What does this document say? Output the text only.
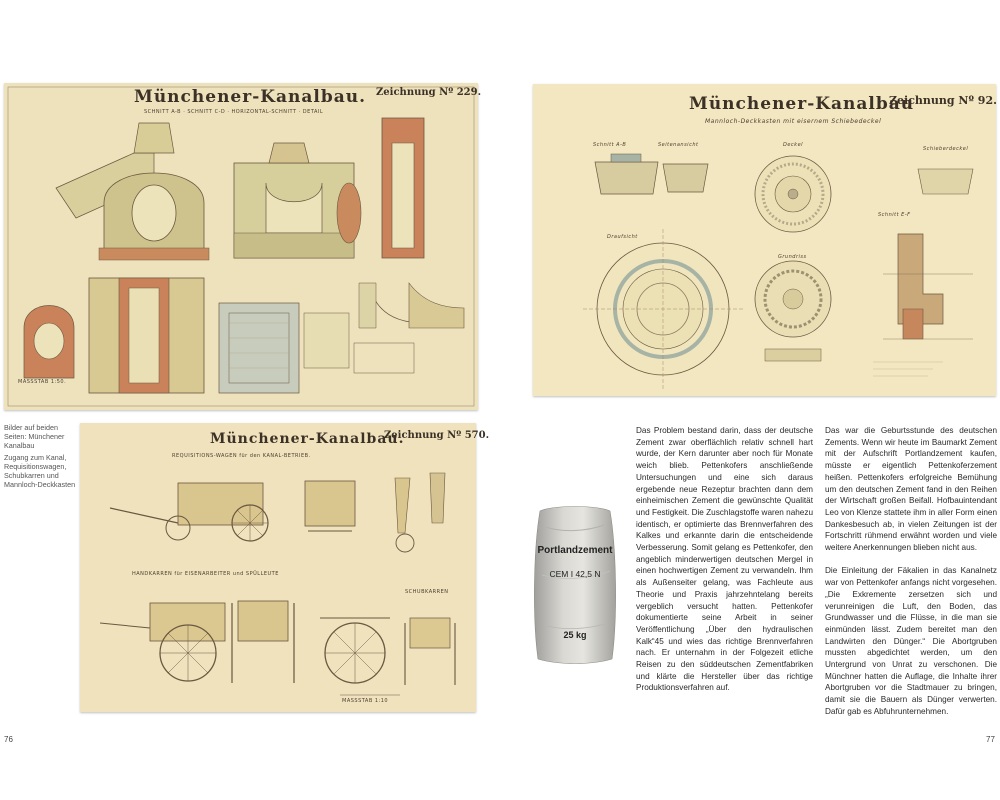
Münchener-Kanalbau. Zeichnung Nº 229.
SCHNITT A-B · SCHNITT C-D · HORIZONTAL-SCHNITT · DETAIL
MASSSTAB 1:50.
Münchener-Kanalbau
Zeichnung Nº 92.
Mannloch-Deckkasten mit eisernem Schiebedeckel
Schnitt A-B	Seitenansicht	Deckel
Draufsicht
Schieberdeckel
Grundriss
Schnitt E-F
Münchener-Kanalbau.
Zeichnung Nº 570.
REQUISITIONS-WAGEN für den KANAL-BETRIEB.
HANDKARREN für EISENARBEITER und SPÜLLEUTE
SCHUBKARREN
MASSSTAB 1:10
Bilder auf beiden Seiten: Münchener Kanalbau
Zugang zum Kanal, Requisitionswagen, Schubkarren und Mannloch-Deckkasten
Portlandzement
CEM I 42,5 N
25 kg

Das Problem bestand darin, dass der deutsche Zement zwar oberflächlich relativ schnell hart wurde, der Kern darunter aber noch für Monate weich blieb. Pettenkofers anschließende Untersuchungen und eine sich daraus ergebende neue Rezeptur brachten dann dem einheimischen Zement die gewünschte Qualität und Festigkeit. Die Zuschlagstoffe waren nahezu identisch, er optimierte das Brennverfahren des Kalkes und erkannte darin die entscheidende Verbesserung. Somit gelang es Pettenkofer, den angeblich minderwertigen deutschen Mergel in einen hochwertigen Zement zu verwandeln. Ihm als Außenseiter gelang, was Fachleute aus Theorie und Praxis jahrzehntelang bereits vergeblich versucht hatten. Pettenkofer dokumentierte seine Arbeit in seiner Veröffentlichung „Über den hydraulischen Kalk“45 und wies das richtige Brennverfahren nach. Er unternahm in der Folgezeit etliche Reisen zu den süddeutschen Zementfabriken und klärte die Hersteller über das richtige Produktionsverfahren auf.

Das war die Geburtsstunde des deutschen Zements. Wenn wir heute im Baumarkt Zement mit der Aufschrift Portlandzement kaufen, müsste er eigentlich Pettenkoferzement heißen. Pettenkofers erfolgreiche Bemühung um den deutschen Zement fand in den Reihen der Wirtschaft großen Beifall. Hofbauintendant Leo von Klenze stattete ihm in aller Form einen Dankesbesuch ab, in vielen Zeitungen ist der Fortschritt rühmend erwähnt worden und viele weitere Anerkennungen blieben nicht aus.

Die Einleitung der Fäkalien in das Kanalnetz war von Pettenkofer anfangs nicht vorgesehen. „Die Exkremente zersetzen sich und verunreinigen die Luft, den Boden, das Grundwasser und die Flüsse, in die man sie einmünden lässt. Zudem bereitet man den Landwirten den Dünger.“ Die Abortgruben mussten abgedichtet werden, um den Untergrund von Unrat zu verschonen. Die Münchner hatten die Auflage, die Inhalte ihrer Abortgruben vor die Stadtmauer zu bringen, damit sie die Bauern als Dünger verwerten. Dafür gab es Abfuhrunternehmen.

76	77
